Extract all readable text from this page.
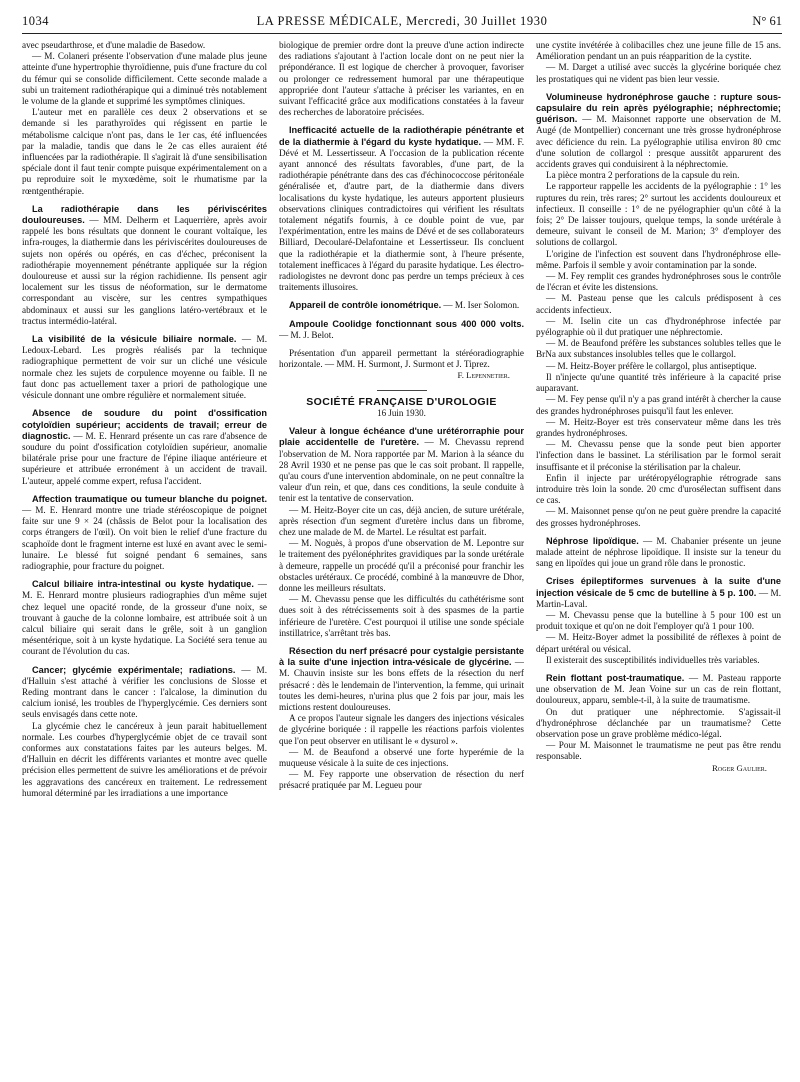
1034	LA PRESSE MÉDICALE, Mercredi, 30 Juillet 1930	N° 61

avec pseudarthrose, et d'une maladie de Basedow.

— M. Colaneri présente l'observation d'une malade plus jeune atteinte d'une hypertrophie thyroïdienne, puis d'une fracture du col du fémur qui se consolide difficilement. Cette seconde malade a subi un traitement radiothérapique qui a diminué très notablement le volume de la glande et supprimé les symptômes cliniques.

L'auteur met en parallèle ces deux 2 observations et se demande si les parathyroïdes qui régissent en partie le métabolisme calcique n'ont pas, dans le 1er cas, été influencées par la maladie, tandis que dans le 2e cas elles auraient été influencées par la radiothérapie. Il s'agirait là d'une sensibilisation spéciale dont il faut tenir compte puisque expérimentalement on a pu reproduire soit le myxœdème, soit le rhumatisme par la rœntgenthérapie.

La radiothérapie dans les périviscérites douloureuses. — MM. Delherm et Laquerrière, après avoir rappelé les bons résultats que donnent le courant voltaïque, les infra-rouges, la diathermie dans les périviscérites douloureuses de sujets non opérés ou opérés, en cas d'échec, préconisent la radiothérapie moyennement pénétrante appliquée sur la région douloureuse et aussi sur la région rachidienne. Ils pensent agir localement sur les tissus de néoformation, sur le dermatome correspondant au viscère, sur les centres sympathiques abdominaux et aussi sur les ganglions latéro-vertébraux et le tractus intermédio-latéral.

La visibilité de la vésicule biliaire normale. — M. Ledoux-Lebard. Les progrès réalisés par la technique radiographique permettent de voir sur un cliché une vésicule normale chez les sujets de corpulence moyenne ou faible. Il ne faut donc pas actuellement taxer a priori de pathologique une vésicule donnant une ombre régulière et normalement située.

Absence de soudure du point d'ossification cotyloïdien supérieur; accidents de travail; erreur de diagnostic. — M. E. Henrard présente un cas rare d'absence de soudure du point d'ossification cotyloïdien supérieur, anomalie bilatérale prise pour une fracture de l'épine iliaque antérieure et supérieure et attribuée erronément à un accident de travail. L'auteur, appelé comme expert, refusa l'accident.

Affection traumatique ou tumeur blanche du poignet. — M. E. Henrard montre une triade stéréoscopique de poignet faite sur une 9 × 24 (châssis de Belot pour la localisation des corps étrangers de l'œil). On voit bien le relief d'une fracture du scaphoïde dont le fragment interne est luxé en avant avec le semi-lunaire. Le blessé fut soigné pendant 6 semaines, sans radiographie, pour fracture du poignet.

Calcul biliaire intra-intestinal ou kyste hydatique. — M. E. Henrard montre plusieurs radiographies d'un même sujet chez lequel une opacité ronde, de la grosseur d'une noix, se trouvant à gauche de la colonne lombaire, est attribuée soit à un calcul biliaire qui serait dans le grêle, soit à un ganglion mésentérique, soit à un kyste hydatique. La Société sera tenue au courant de l'évolution du cas.

Cancer; glycémie expérimentale; radiations. — M. d'Halluin s'est attaché à vérifier les conclusions de Slosse et Reding montrant dans le cancer : l'alcalose, la diminution du calcium ionisé, les troubles de l'hyperglycémie. Ces derniers sont seuls envisagés dans cette note.

La glycémie chez le cancéreux à jeun parait habituellement normale. Les courbes d'hyperglycémie objet de ce travail sont conformes aux constatations faites par les auteurs belges. M. d'Halluin en décrit les différents variantes et montre avec quelle précision elles permettent de suivre les améliorations et de prévoir les aggravations des cancéreux en traitement. Le redressement humoral déterminé par les irradiations a une importance

biologique de premier ordre dont la preuve d'une action indirecte des radiations s'ajoutant à l'action locale dont on ne peut nier la prépondérance. Il est logique de chercher à provoquer, favoriser ou prolonger ce redressement humoral par une thérapeutique appropriée dont l'auteur s'attache à préciser les variantes, en en suivant l'efficacité grâce aux modifications constatées à la faveur des recherches de laboratoire précisées.

Inefficacité actuelle de la radiothérapie pénétrante et de la diathermie à l'égard du kyste hydatique. — MM. F. Dévé et M. Lessertisseur. A l'occasion de la publication récente ayant annoncé des résultats favorables, d'une part, de la radiothérapie pénétrante dans des cas d'échinococcose péritonéale généralisée et, d'autre part, de la diathermie dans divers localisations du kyste hydatique, les auteurs apportent plusieurs observations cliniques contradictoires qui vérifient les résultats totalement négatifs fournis, à ce double point de vue, par l'expérimentation, entre les mains de Dévé et de ses collaborateurs Billiard, Decoularé-Delafontaine et Lessertisseur. Ils concluent que la radiothérapie et la diathermie sont, à l'heure présente, totalement inefficaces à l'égard du parasite hydatique. Les électro-radiologistes ne devront donc pas perdre un temps précieux à ces traitements illusoires.

Appareil de contrôle ionométrique. — M. Iser Solomon.

Ampoule Coolidge fonctionnant sous 400 000 volts. — M. J. Belot.

Présentation d'un appareil permettant la stéréoradiographie horizontale. — MM. H. Surmont, J. Surmont et J. Tiprez.

F. Lepennetier.

SOCIÉTÉ FRANÇAISE D'UROLOGIE

16 Juin 1930.

Valeur à longue échéance d'une urétérorraphie pour plaie accidentelle de l'uretère. — M. Chevassu reprend l'observation de M. Nora rapportée par M. Marion à la séance du 28 Avril 1930 et ne pense pas que le cas soit probant. Il rappelle, qu'au cours d'une intervention abdominale, on ne peut connaître la valeur d'un rein, et que, dans ces conditions, la seule conduite à tenir est la tentative de conservation.

— M. Heitz-Boyer cite un cas, déjà ancien, de suture urétérale, après résection d'un segment d'uretère inclus dans un fibrome, chez une malade de M. de Martel. Le résultat est parfait.

— M. Noguès, à propos d'une observation de M. Lepontre sur le traitement des pyélonéphrites gravidiques par la sonde urétérale à demeure, rappelle un procédé qu'il a préconisé pour franchir les obstacles urétéraux. Ce procédé, combiné à la manœuvre de Dhor, donne les meilleurs résultats.

— M. Chevassu pense que les difficultés du cathétérisme sont dues soit à des rétrécissements soit à des spasmes de la partie inférieure de l'uretère. C'est pourquoi il utilise une sonde spéciale instillatrice, s'arrêtant très bas.

Résection du nerf présacré pour cystalgie persistante à la suite d'une injection intra-vésicale de glycérine. — M. Chauvin insiste sur les bons effets de la résection du nerf présacré : dès le lendemain de l'intervention, la femme, qui urinait toutes les demi-heures, n'urina plus que 2 fois par jour, mais les mictions restent douloureuses.

A ce propos l'auteur signale les dangers des injections vésicales de glycérine boriquée : il rappelle les réactions parfois violentes que l'on peut observer en utilisant le « dysurol ».

— M. de Beaufond a observé une forte hyperémie de la muqueuse vésicale à la suite de ces injections.

— M. Fey rapporte une observation de résection du nerf présacré pratiquée par M. Legueu pour

une cystite invétérée à colibacilles chez une jeune fille de 15 ans. Amélioration pendant un an puis réapparition de la cystite.

— M. Darget a utilisé avec succès la glycérine boriquée chez les prostatiques qui ne vident pas bien leur vessie.

Volumineuse hydronéphrose gauche : rupture sous-capsulaire du rein après pyélographie; néphrectomie; guérison. — M. Maisonnet rapporte une observation de M. Augé (de Montpellier) concernant une très grosse hydronéphrose avec déficience du rein. La pyélographie utilisa environ 80 cmc d'une solution de collargol : presque aussitôt apparurent des accidents graves qui conduisirent à la néphrectomie.

La pièce montra 2 perforations de la capsule du rein.

Le rapporteur rappelle les accidents de la pyélographie : 1° les ruptures du rein, très rares; 2° surtout les accidents douloureux et infectieux. Il conseille : 1° de ne pyélographier qu'un côté à la fois; 2° De laisser toujours, quelque temps, la sonde urétérale à demeure, suivant le conseil de M. Marion; 3° d'employer des solutions de collargol.

L'origine de l'infection est souvent dans l'hydronéphrose elle-même. Parfois il semble y avoir contamination par la sonde.

— M. Fey remplit ces grandes hydronéphroses sous le contrôle de l'écran et évite les distensions.

— M. Pasteau pense que les calculs prédisposent à ces accidents infectieux.

— M. Iselin cite un cas d'hydronéphrose infectée par pyélographie où il dut pratiquer une néphrectomie.

— M. de Beaufond préfère les substances solubles telles que le BrNa aux substances insolubles telles que le collargol.

— M. Heitz-Boyer préfère le collargol, plus antiseptique.

Il n'injecte qu'une quantité très inférieure à la capacité prise auparavant.

— M. Fey pense qu'il n'y a pas grand intérêt à chercher la cause des grandes hydronéphroses puisqu'il faut les enlever.

— M. Heitz-Boyer est très conservateur même dans les très grandes hydronéphroses.

— M. Chevassu pense que la sonde peut bien apporter l'infection dans le bassinet. La stérilisation par le formol serait insuffisante et il préconise la stérilisation par la chaleur.

Enfin il injecte par urétéropyélographie rétrograde sans introduire très loin la sonde. 20 cmc d'urosélectan suffisent dans ce cas.

— M. Maisonnet pense qu'on ne peut guère prendre la capacité des grosses hydronéphroses.

Néphrose lipoïdique. — M. Chabanier présente un jeune malade atteint de néphrose lipoïdique. Il insiste sur la teneur du sang en lipoïdes qui joue un grand rôle dans le pronostic.

Crises épileptiformes survenues à la suite d'une injection vésicale de 5 cmc de butelline à 5 p. 100. — M. Martin-Laval.

— M. Chevassu pense que la butelline à 5 pour 100 est un produit toxique et qu'on ne doit l'employer qu'à 1 pour 100.

— M. Heitz-Boyer admet la possibilité de réflexes à point de départ urétéral ou vésical.

Il existerait des susceptibilités individuelles très variables.

Rein flottant post-traumatique. — M. Pasteau rapporte une observation de M. Jean Voine sur un cas de rein flottant, douloureux, apparu, semble-t-il, à la suite de traumatisme.

On dut pratiquer une néphrectomie. S'agissait-il d'hydronéphrose déclanchée par un traumatisme? Cette observation pose un grave problème médico-légal.

— Pour M. Maisonnet le traumatisme ne peut pas être rendu responsable.

Roger Gaulier.
